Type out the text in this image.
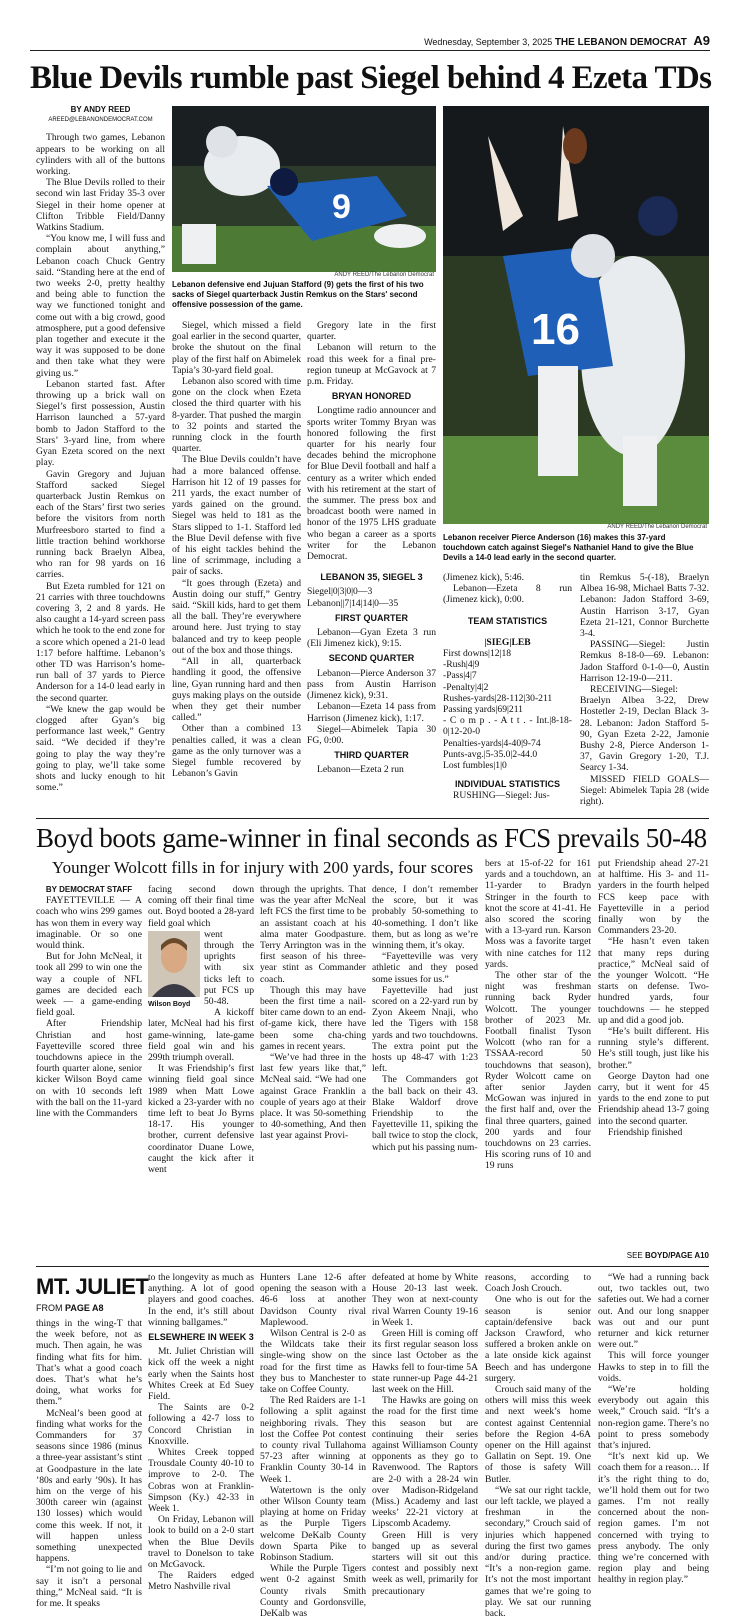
Wednesday, September 3, 2025 THE LEBANON DEMOCRAT A9
Blue Devils rumble past Siegel behind 4 Ezeta TDs
BY ANDY REED
AREED@LEBANONDEMOCRAT.COM

Through two games, Lebanon appears to be working on all cylinders with all of the buttons working.

The Blue Devils rolled to their second win last Friday 35-3 over Siegel in their home opener at Clifton Tribble Field/Danny Watkins Stadium.

“You know me, I will fuss and complain about anything,” Lebanon coach Chuck Gentry said. “Standing here at the end of two weeks 2-0, pretty healthy and being able to function the way we functioned tonight and come out with a big crowd, good atmosphere, put a good defensive plan together and execute it the way it was supposed to be done and then take what they were giving us.”

Lebanon started fast. After throwing up a brick wall on Siegel’s first possession, Austin Harrison launched a 57-yard bomb to Jadon Stafford to the Stars’ 3-yard line, from where Gyan Ezeta scored on the next play.

Gavin Gregory and Jujuan Stafford sacked Siegel quarterback Justin Remkus on each of the Stars’ first two series before the visitors from north Murfreesboro started to find a little traction behind workhorse running back Braelyn Albea, who ran for 98 yards on 16 carries.

But Ezeta rumbled for 121 on 21 carries with three touchdowns covering 3, 2 and 8 yards. He also caught a 14-yard screen pass which he took to the end zone for a score which opened a 21-0 lead 1:17 before halftime. Lebanon’s other TD was Harrison’s home-run ball of 37 yards to Pierce Anderson for a 14-0 lead early in the second quarter.

“We knew the gap would be clogged after Gyan’s big performance last week,” Gentry said. “We decided if they’re going to play the way they’re going to play, we’ll take some shots and lucky enough to hit some.”

9
ANDY REED/The Lebanon Democrat
Lebanon defensive end Jujuan Stafford (9) gets the first of his two sacks of Siegel quarterback Justin Remkus on the Stars' second offensive possession of the game.

Siegel, which missed a field goal earlier in the second quarter, broke the shutout on the final play of the first half on Abimelek Tapia’s 30-yard field goal.

Lebanon also scored with time gone on the clock when Ezeta closed the third quarter with his 8-yarder. That pushed the margin to 32 points and started the running clock in the fourth quarter.

The Blue Devils couldn’t have had a more balanced offense. Harrison hit 12 of 19 passes for 211 yards, the exact number of yards gained on the ground. Siegel was held to 181 as the Stars slipped to 1-1. Stafford led the Blue Devil defense with five of his eight tackles behind the line of scrimmage, including a pair of sacks.

“It goes through (Ezeta) and Austin doing our stuff,” Gentry said. “Skill kids, hard to get them all the ball. They’re everywhere around here. Just trying to stay balanced and try to keep people out of the box and those things.

“All in all, quarterback handling it good, the offensive line, Gyan running hard and then guys making plays on the outside when they get their number called.”

Other than a combined 13 penalties called, it was a clean game as the only turnover was a Siegel fumble recovered by Lebanon’s Gavin

Gregory late in the first quarter.

Lebanon will return to the road this week for a final pre-region tuneup at McGavock at 7 p.m. Friday.

BRYAN HONORED

Longtime radio announcer and sports writer Tommy Bryan was honored following the first quarter for his nearly four decades behind the microphone for Blue Devil football and half a century as a writer which ended with his retirement at the start of the summer. The press box and broadcast booth were named in honor of the 1975 LHS graduate who began a career as a sports writer for the Lebanon Democrat.

LEBANON 35, SIEGEL 3
Siegel|0|3|0|0—3
Lebanon||7|14|14|0—35
FIRST QUARTER

Lebanon—Gyan Ezeta 3 run (Eli Jimenez kick), 9:15.

SECOND QUARTER

Lebanon—Pierce Anderson 37 pass from Austin Harrison (Jimenez kick), 9:31.

Lebanon—Ezeta 14 pass from Harrison (Jimenez kick), 1:17.

Siegel—Abimelek Tapia 30 FG, 0:00.

THIRD QUARTER

Lebanon—Ezeta 2 run

16
ANDY REED/The Lebanon Democrat
Lebanon receiver Pierce Anderson (16) makes this 37-yard touchdown catch against Siegel's Nathaniel Hand to give the Blue Devils a 14-0 lead early in the second quarter.
(Jimenez kick), 5:46.

Lebanon—Ezeta 8 run (Jimenez kick), 0:00.

TEAM STATISTICS
|SIEG|LEB
First downs|12|18
-Rush|4|9
-Pass|4|7
-Penalty|4|2
Rushes-yards|28-112|30-211
Passing yards|69|211
- C o m p . - A t t . - Int.|8-18-0|12-20-0
Penalties-yards|4-40|9-74
Punts-avg.|5-35.0|2-44.0
Lost fumbles|1|0
INDIVIDUAL STATISTICS

RUSHING—Siegel: Jus-

tin Remkus 5-(-18), Braelyn Albea 16-98, Michael Batts 7-32. Lebanon: Jadon Stafford 3-69, Austin Harrison 3-17, Gyan Ezeta 21-121, Connor Burchette 3-4.

PASSING—Siegel: Justin Remkus 8-18-0—69. Lebanon: Jadon Stafford 0-1-0—0, Austin Harrison 12-19-0—211.

RECEIVING—Siegel: Braelyn Albea 3-22, Drew Hostetler 2-19, Declan Black 3-28. Lebanon: Jadon Stafford 5-90, Gyan Ezeta 2-22, Jamonie Bushy 2-8, Pierce Anderson 1-37, Gavin Gregory 1-20, T.J. Searcy 1-34.

MISSED FIELD GOALS—Siegel: Abimelek Tapia 28 (wide right).

Boyd boots game-winner in final seconds as FCS prevails 50-48
Younger Wolcott fills in for injury with 200 yards, four scores
BY DEMOCRAT STAFF

FAYETTEVILLE — A coach who wins 299 games has won them in every way imaginable. Or so one would think.

But for John McNeal, it took all 299 to win one the way a couple of NFL games are decided each week — a game-ending field goal.

After Friendship Christian and host Fayetteville scored three touchdowns apiece in the fourth quarter alone, senior kicker Wilson Boyd came on with 10 seconds left with the ball on the 11-yard line with the Commanders

facing second down coming off their final time out. Boyd booted a 28-yard field goal which

Wilson Boyd

went through the uprights with six ticks left to put FCS up 50-48.

A kickoff later, McNeal had his first game-winning, late-game field goal win and his 299th triumph overall.

It was Friendship’s first winning field goal since 1989 when Matt Lowe kicked a 23-yarder with no time left to beat Jo Byrns 18-17. His younger brother, current defensive coordinator Duane Lowe, caught the kick after it went

through the uprights. That was the year after McNeal left FCS the first time to be an assistant coach at his alma mater Goodpasture. Terry Arrington was in the first season of his three-year stint as Commander coach.

Though this may have been the first time a nail-biter came down to an end-of-game kick, there have been some cha-ching games in recent years.

“We’ve had three in the last few years like that,” McNeal said. “We had one against Grace Franklin a couple of years ago at their place. It was 50-something to 40-something, And then last year against Provi-

dence, I don’t remember the score, but it was probably 50-something to 40-something. I don’t like them, but as long as we’re winning them, it’s okay.

“Fayetteville was very athletic and they posed some issues for us.”

Fayetteville had just scored on a 22-yard run by Zyon Akeem Nnaji, who led the Tigers with 158 yards and two touchdowns. The extra point put the hosts up 48-47 with 1:23 left.

The Commanders got the ball back on their 43. Blake Waldorf drove Friendship to the Fayetteville 11, spiking the ball twice to stop the clock, which put his passing num-

bers at 15-of-22 for 161 yards and a touchdown, an 11-yarder to Bradyn Stringer in the fourth to knot the score at 41-41. He also scored the scoring with a 13-yard run. Karson Moss was a favorite target with nine catches for 112 yards.

The other star of the night was freshman running back Ryder Wolcott. The younger brother of 2023 Mr. Football finalist Tyson Wolcott (who ran for a TSSAA-record 50 touchdowns that season), Ryder Wolcott came on after senior Jayden McGowan was injured in the first half and, over the final three quarters, gained 200 yards and four touchdowns on 23 carries. His scoring runs of 10 and 19 runs

put Friendship ahead 27-21 at halftime. His 3- and 11-yarders in the fourth helped FCS keep pace with Fayetteville in a period finally won by the Commanders 23-20.

“He hasn’t even taken that many reps during practice,” McNeal said of the younger Wolcott. “He starts on defense. Two-hundred yards, four touchdowns — he stepped up and did a good job.

“He’s built different. His running style’s different. He’s still tough, just like his brother.”

George Dayton had one carry, but it went for 45 yards to the end zone to put Friendship ahead 13-7 going into the second quarter.

Friendship finished

SEE BOYD/PAGE A10
MT. JULIET
FROM PAGE A8

things in the wing-T that the week before, not as much. Then again, he was finding what fits for him. That’s what a good coach does. That’s what he’s doing, what works for them.”

McNeal’s been good at finding what works for the Commanders for 37 seasons since 1986 (minus a three-year assistant’s stint at Goodpasture in the late ’80s and early ’90s). It has him on the verge of his 300th career win (against 130 losses) which would come this week. If not, it will happen unless something unexpected happens.

“I’m not going to lie and say it isn’t a personal thing,” McNeal said. “It is for me. It speaks

to the longevity as much as anything. A lot of good players and good coaches. In the end, it’s still about winning ballgames.”

ELSEWHERE IN WEEK 3

Mt. Juliet Christian will kick off the week a night early when the Saints host Whites Creek at Ed Suey Field.

The Saints are 0-2 following a 42-7 loss to Concord Christian in Knoxville.

Whites Creek topped Trousdale County 40-10 to improve to 2-0. The Cobras won at Franklin-Simpson (Ky.) 42-33 in Week 1.

On Friday, Lebanon will look to build on a 2-0 start when the Blue Devils travel to Donelson to take on McGavock.

The Raiders edged Metro Nashville rival

Hunters Lane 12-6 after opening the season with a 46-6 loss at another Davidson County rival Maplewood.

Wilson Central is 2-0 as the Wildcats take their single-wing show on the road for the first time as they bus to Manchester to take on Coffee County.

The Red Raiders are 1-1 following a split against neighboring rivals. They lost the Coffee Pot contest to county rival Tullahoma 57-23 after winning at Franklin County 30-14 in Week 1.

Watertown is the only other Wilson County team playing at home on Friday as the Purple Tigers welcome DeKalb County down Sparta Pike to Robinson Stadium.

While the Purple Tigers went 0-2 against Smith County rivals Smith County and Gordonsville, DeKalb was

defeated at home by White House 20-13 last week. They won at next-county rival Warren County 19-16 in Week 1.

Green Hill is coming off its first regular season loss since last October as the Hawks fell to four-time 5A state runner-up Page 44-21 last week on the Hill.

The Hawks are going on the road for the first time this season but are continuing their series against Williamson County opponents as they go to Ravenwood. The Raptors are 2-0 with a 28-24 win over Madison-Ridgeland (Miss.) Academy and last weeks’ 22-21 victory at Lipscomb Academy.

Green Hill is very banged up as several starters will sit out this contest and possibly next week as well, primarily for precautionary

reasons, according to Coach Josh Crouch.

One who is out for the season is senior captain/defensive back Jackson Crawford, who suffered a broken ankle on a late onside kick against Beech and has undergone surgery.

Crouch said many of the others will miss this week and next week’s home contest against Centennial before the Region 4-6A opener on the Hill against Gallatin on Sept. 19. One of those is safety Will Butler.

“We sat our right tackle, our left tackle, we played a freshman in the secondary,” Crouch said of injuries which happened during the first two games and/or during practice. “It’s a non-region game. It’s not the most important games that we’re going to play. We sat our running back.

“We had a running back out, two tackles out, two safeties out. We had a corner out. And our long snapper was out and our punt returner and kick returner were out.”

This will force younger Hawks to step in to fill the voids.

“We’re holding everybody out again this week,” Crouch said. “It’s a non-region game. There’s no point to press somebody that’s injured.

“It’s next kid up. We coach them for a reason… If it’s the right thing to do, we’ll hold them out for two games. I’m not really concerned about the non-region games. I’m not concerned with trying to press anybody. The only thing we’re concerned with region play and being healthy in region play.”
